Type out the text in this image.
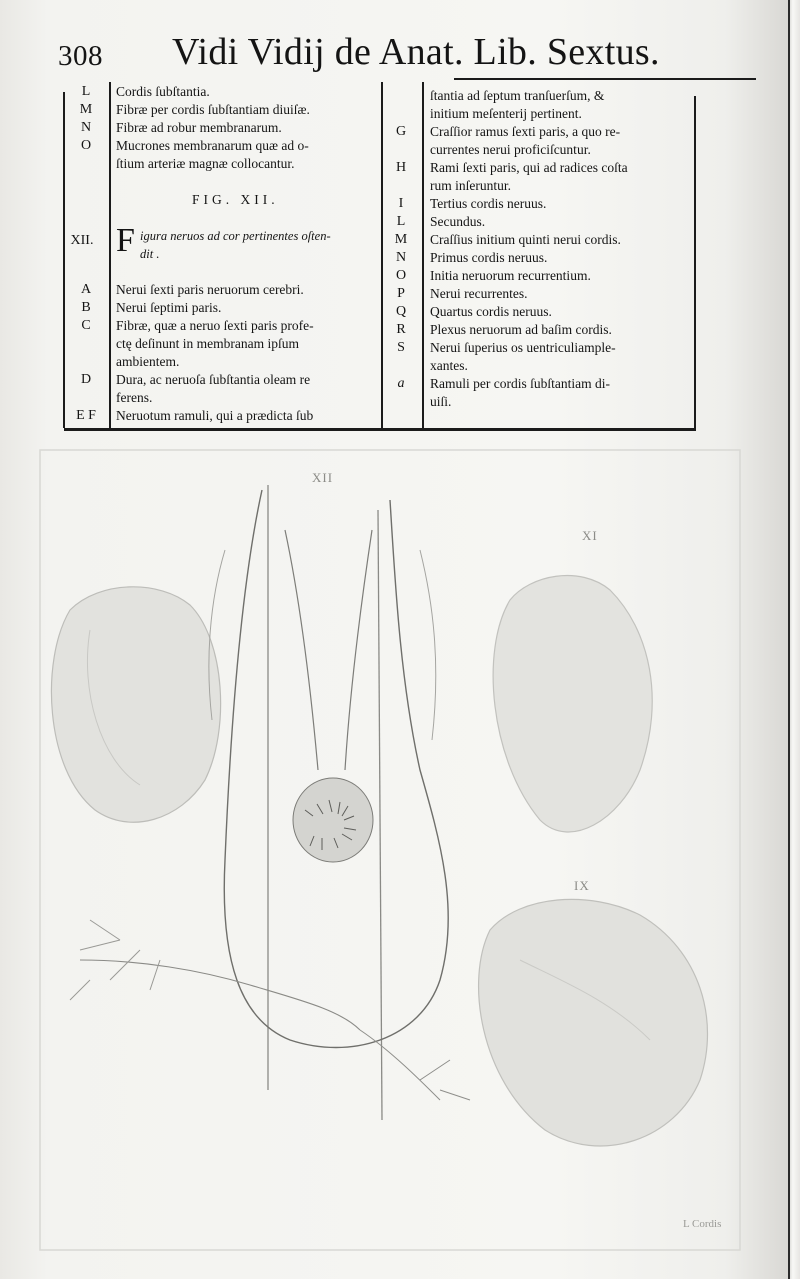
308 Vidi Vidij de Anat. Lib. Sextus.
L	Cordis ſubſtantia.
M	Fibræ per cordis ſubſtantiam diuiſæ.
N	Fibræ ad robur membranarum.
O	Mucrones membranarum quæ ad o-
ſtium arteriæ magnæ collocantur.
FIG. XII.
XII. F igura neruos ad cor pertinentes oſten-
dit .
A	Nerui ſexti paris neruorum cerebri.
B	Nerui ſeptimi paris.
C	Fibræ, quæ a neruo ſexti paris profe-
ctę deſinunt in membranam ipſum
ambientem.
D	Dura, ac neruoſa ſubſtantia oleam re
ferens.
E F	Neruotum ramuli, qui a prædicta ſub
ſtantia ad ſeptum tranſuerſum, &
initium meſenterij pertinent.
G	Craſſior ramus ſexti paris, a quo re-
currentes nerui proficiſcuntur.
H	Rami ſexti paris, qui ad radices coſta
rum inſeruntur.
I	Tertius cordis neruus.
L	Secundus.
M	Craſſius initium quinti nerui cordis.
N	Primus cordis neruus.
O	Initia neruorum recurrentium.
P	Nerui recurrentes.
Q	Quartus cordis neruus.
R	Plexus neruorum ad baſim cordis.
S	Nerui ſuperius os uentriculiample-
xantes.
a	Ramuli per cordis ſubſtantiam di-
uiſi.
XII
XI
IX
L Cordis
